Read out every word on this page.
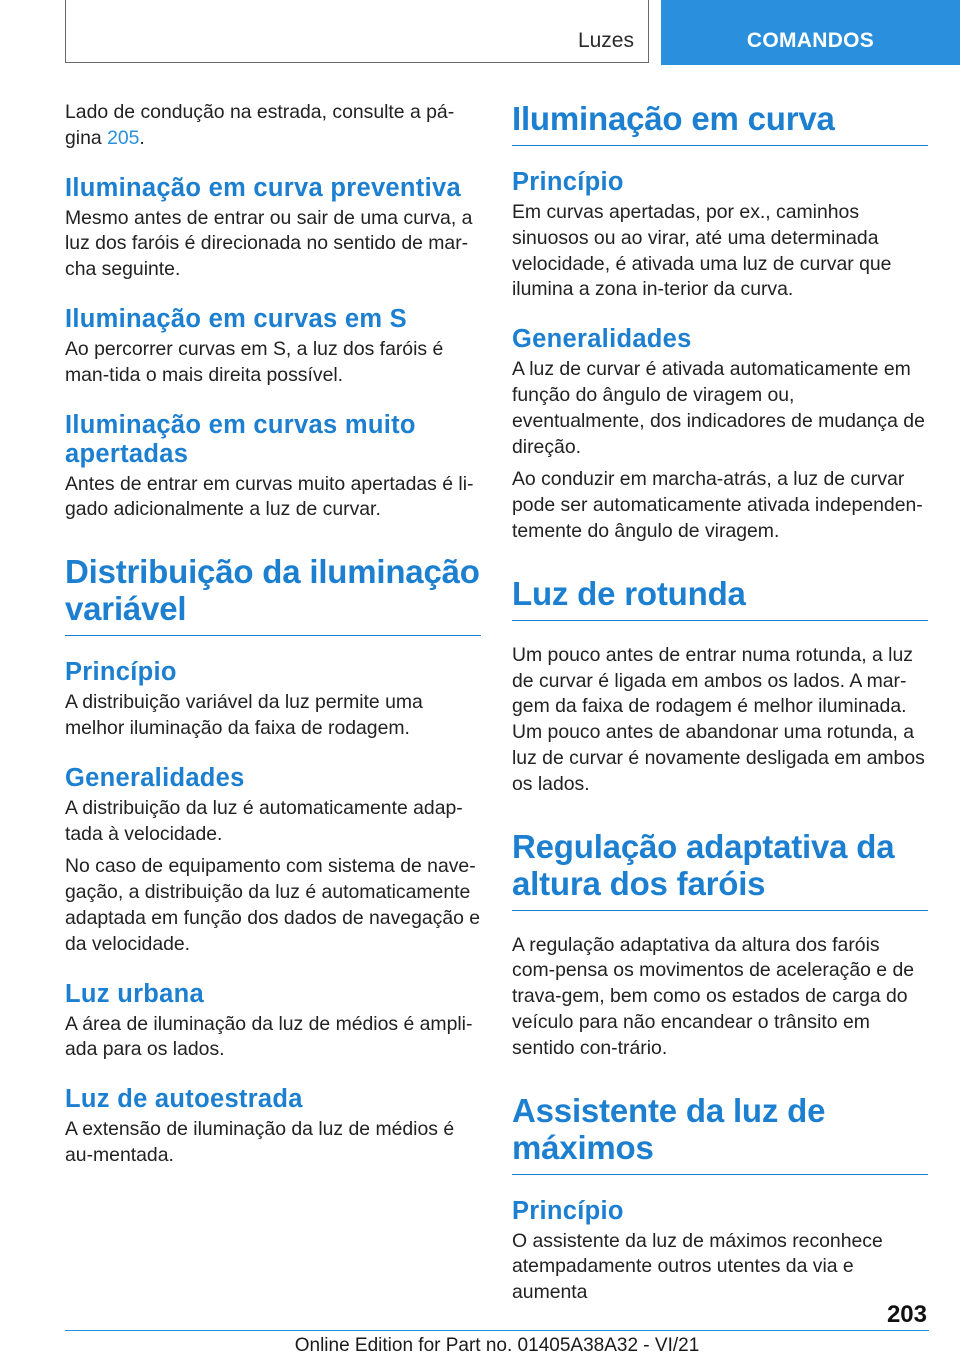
Luzes	COMANDOS

Lado de condução na estrada, consulte a pá-gina 205.

Iluminação em curva preventiva

Mesmo antes de entrar ou sair de uma curva, a luz dos faróis é direcionada no sentido de mar-cha seguinte.

Iluminação em curvas em S

Ao percorrer curvas em S, a luz dos faróis é man-tida o mais direita possível.

Iluminação em curvas muito apertadas

Antes de entrar em curvas muito apertadas é li-gado adicionalmente a luz de curvar.

Distribuição da iluminação variável
Princípio

A distribuição variável da luz permite uma melhor iluminação da faixa de rodagem.

Generalidades

A distribuição da luz é automaticamente adap-tada à velocidade.

No caso de equipamento com sistema de nave-gação, a distribuição da luz é automaticamente adaptada em função dos dados de navegação e da velocidade.

Luz urbana

A área de iluminação da luz de médios é ampli-ada para os lados.

Luz de autoestrada

A extensão de iluminação da luz de médios é au-mentada.

Iluminação em curva
Princípio

Em curvas apertadas, por ex., caminhos sinuosos ou ao virar, até uma determinada velocidade, é ativada uma luz de curvar que ilumina a zona in-terior da curva.

Generalidades

A luz de curvar é ativada automaticamente em função do ângulo de viragem ou, eventualmente, dos indicadores de mudança de direção.

Ao conduzir em marcha-atrás, a luz de curvar pode ser automaticamente ativada independen-temente do ângulo de viragem.

Luz de rotunda

Um pouco antes de entrar numa rotunda, a luz de curvar é ligada em ambos os lados. A mar-gem da faixa de rodagem é melhor iluminada. Um pouco antes de abandonar uma rotunda, a luz de curvar é novamente desligada em ambos os lados.

Regulação adaptativa da altura dos faróis

A regulação adaptativa da altura dos faróis com-pensa os movimentos de aceleração e de trava-gem, bem como os estados de carga do veículo para não encandear o trânsito em sentido con-trário.

Assistente da luz de máximos
Princípio

O assistente da luz de máximos reconhece atempadamente outros utentes da via e aumenta

203
Online Edition for Part no. 01405A38A32 - VI/21
